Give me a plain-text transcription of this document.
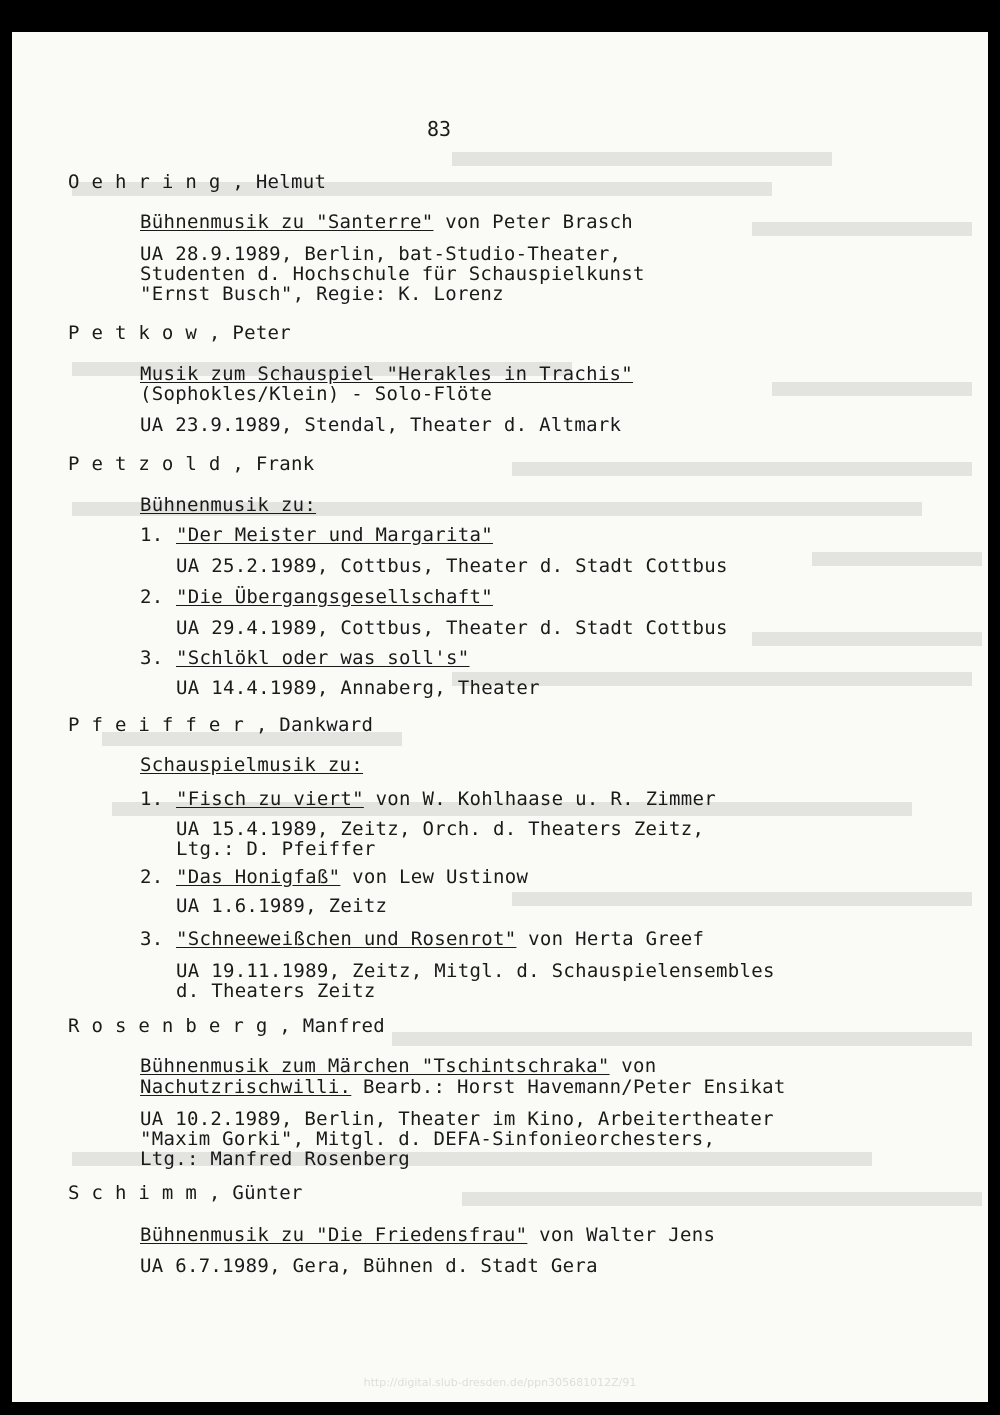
83
O e h r i n g , Helmut
Bühnenmusik zu "Santerre" von Peter Brasch
UA 28.9.1989, Berlin, bat-Studio-Theater,
Studenten d. Hochschule für Schauspielkunst
"Ernst Busch", Regie: K. Lorenz
P e t k o w , Peter
Musik zum Schauspiel "Herakles in Trachis"
(Sophokles/Klein) - Solo-Flöte
UA 23.9.1989, Stendal, Theater d. Altmark
P e t z o l d , Frank
Bühnenmusik zu:
1. "Der Meister und Margarita"
UA 25.2.1989, Cottbus, Theater d. Stadt Cottbus
2. "Die Übergangsgesellschaft"
UA 29.4.1989, Cottbus, Theater d. Stadt Cottbus
3. "Schlökl oder was soll's"
UA 14.4.1989, Annaberg, Theater
P f e i f f e r , Dankward
Schauspielmusik zu:
1. "Fisch zu viert" von W. Kohlhaase u. R. Zimmer
UA 15.4.1989, Zeitz, Orch. d. Theaters Zeitz,
Ltg.: D. Pfeiffer
2. "Das Honigfaß" von Lew Ustinow
UA 1.6.1989, Zeitz
3. "Schneeweißchen und Rosenrot" von Herta Greef
UA 19.11.1989, Zeitz, Mitgl. d. Schauspielensembles
d. Theaters Zeitz
R o s e n b e r g , Manfred
Bühnenmusik zum Märchen "Tschintschraka" von
Nachutzrischwilli. Bearb.: Horst Havemann/Peter Ensikat
UA 10.2.1989, Berlin, Theater im Kino, Arbeitertheater
"Maxim Gorki", Mitgl. d. DEFA-Sinfonieorchesters,
Ltg.: Manfred Rosenberg
S c h i m m , Günter
Bühnenmusik zu "Die Friedensfrau" von Walter Jens
UA 6.7.1989, Gera, Bühnen d. Stadt Gera
http://digital.slub-dresden.de/ppn305681012Z/91
